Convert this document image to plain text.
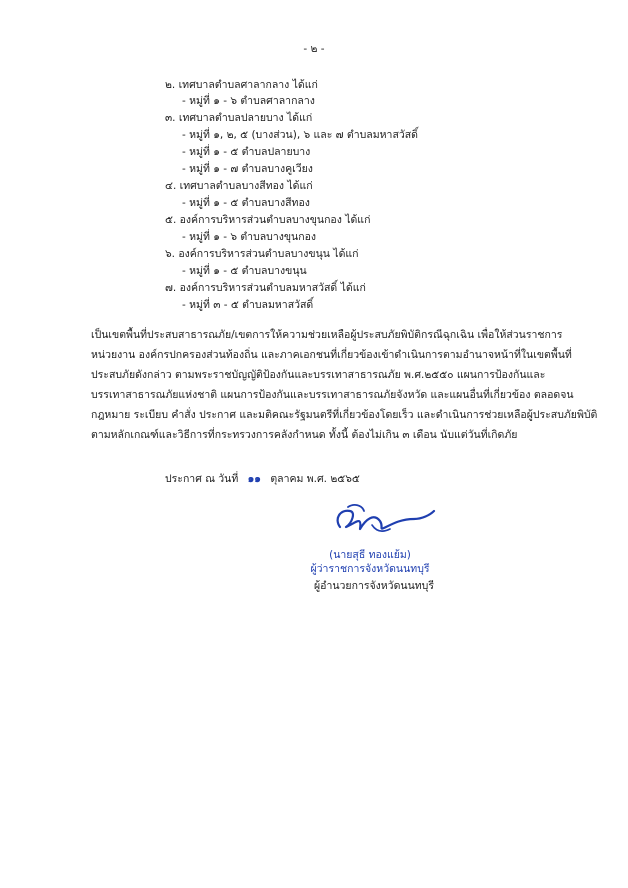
- ๒ -
๒. เทศบาลตำบลศาลากลาง ได้แก่
- หมู่ที่ ๑ - ๖ ตำบลศาลากลาง
๓. เทศบาลตำบลปลายบาง ได้แก่
- หมู่ที่ ๑, ๒, ๕ (บางส่วน), ๖ และ ๗ ตำบลมหาสวัสดิ์
- หมู่ที่ ๑ - ๕ ตำบลปลายบาง
- หมู่ที่ ๑ - ๗ ตำบลบางคูเวียง
๔. เทศบาลตำบลบางสีทอง ได้แก่
- หมู่ที่ ๑ - ๕ ตำบลบางสีทอง
๕. องค์การบริหารส่วนตำบลบางขุนกอง ได้แก่
- หมู่ที่ ๑ - ๖ ตำบลบางขุนกอง
๖. องค์การบริหารส่วนตำบลบางขนุน ได้แก่
- หมู่ที่ ๑ - ๕ ตำบลบางขนุน
๗. องค์การบริหารส่วนตำบลมหาสวัสดิ์ ได้แก่
- หมู่ที่ ๓ - ๕ ตำบลมหาสวัสดิ์
เป็นเขตพื้นที่ประสบสาธารณภัย/เขตการให้ความช่วยเหลือผู้ประสบภัยพิบัติกรณีฉุกเฉิน เพื่อให้ส่วนราชการ
หน่วยงาน องค์กรปกครองส่วนท้องถิ่น และภาคเอกชนที่เกี่ยวข้องเข้าดำเนินการตามอำนาจหน้าที่ในเขตพื้นที่
ประสบภัยดังกล่าว ตามพระราชบัญญัติป้องกันและบรรเทาสาธารณภัย พ.ศ.๒๕๕๐ แผนการป้องกันและ
บรรเทาสาธารณภัยแห่งชาติ แผนการป้องกันและบรรเทาสาธารณภัยจังหวัด และแผนอื่นที่เกี่ยวข้อง ตลอดจน
กฎหมาย ระเบียบ คำสั่ง ประกาศ และมติคณะรัฐมนตรีที่เกี่ยวข้องโดยเร็ว และดำเนินการช่วยเหลือผู้ประสบภัยพิบัติ
ตามหลักเกณฑ์และวิธีการที่กระทรวงการคลังกำหนด ทั้งนี้ ต้องไม่เกิน ๓ เดือน นับแต่วันที่เกิดภัย
ประกาศ ณ วันที่ ๑๑ ตุลาคม พ.ศ. ๒๕๖๕
(นายสุธี ทองแย้ม)
ผู้ว่าราชการจังหวัดนนทบุรี
ผู้อำนวยการจังหวัดนนทบุรี
